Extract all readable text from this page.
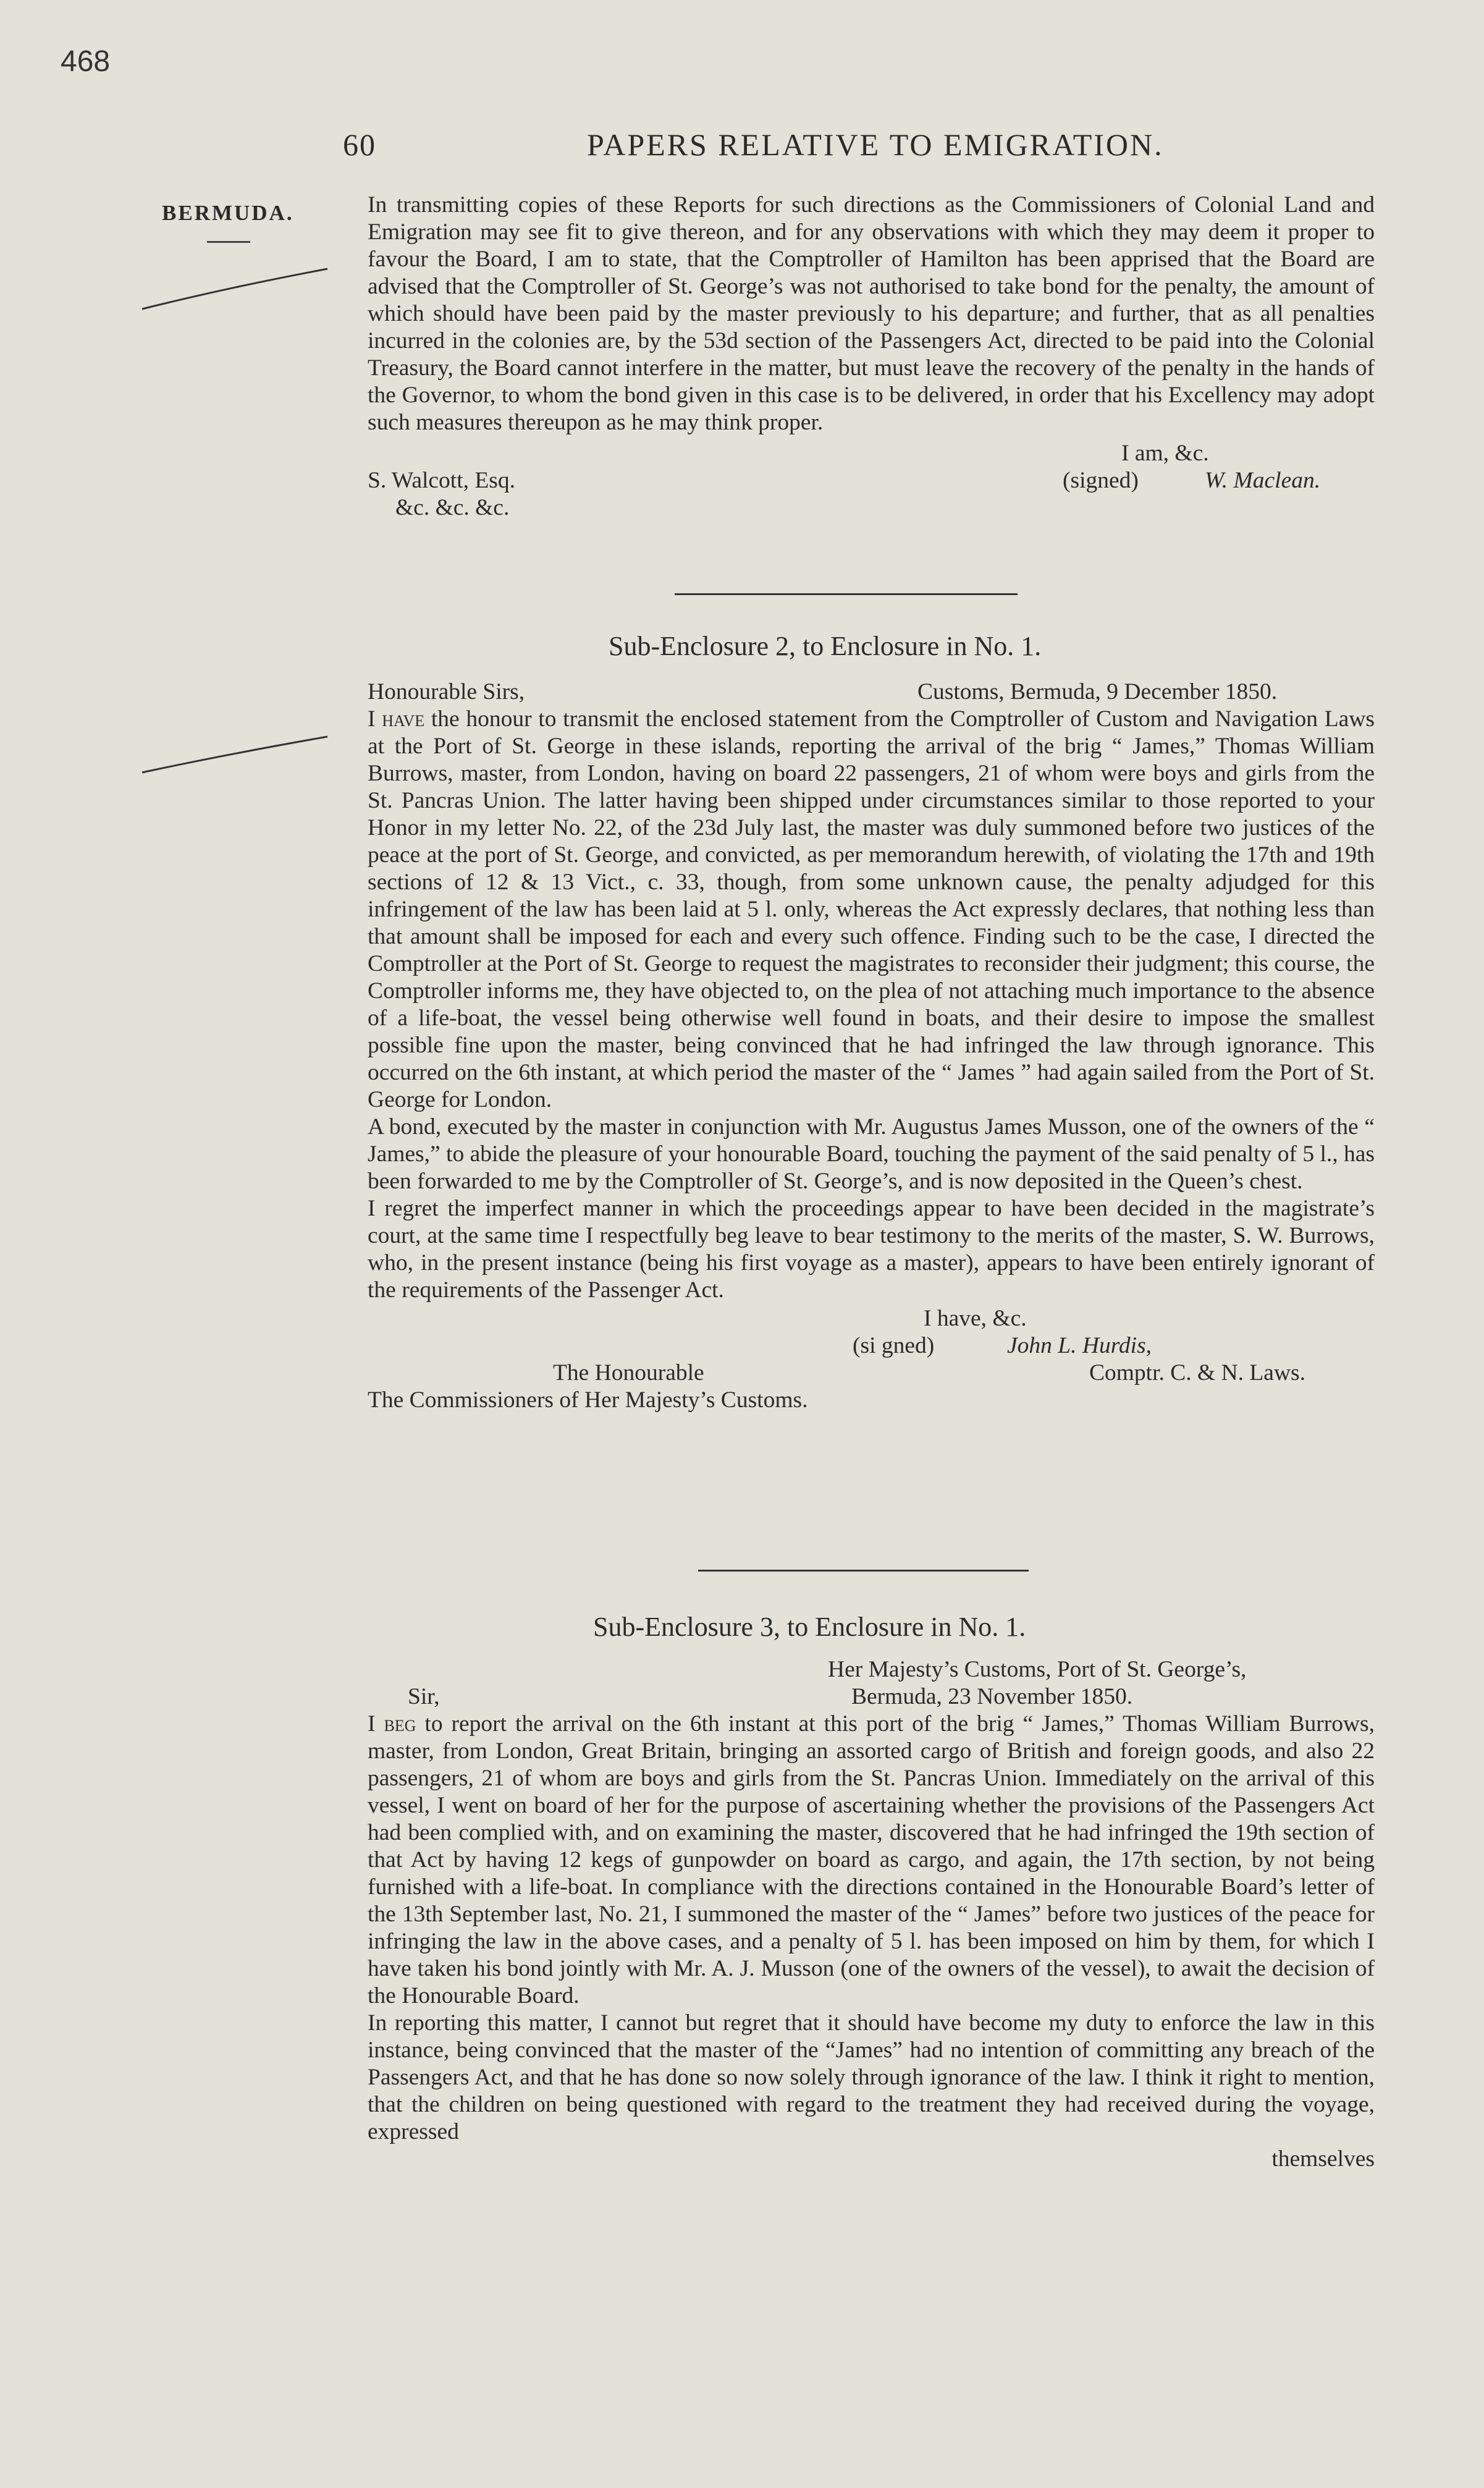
468
60	PAPERS RELATIVE TO EMIGRATION.
BERMUDA.	In transmitting copies of these Reports for such directions as the Commissioners of Colonial Land and Emigration may see fit to give thereon, and for any observations with which they may deem it proper to favour the Board, I am to state, that the Comptroller of Hamilton has been apprised that the Board are advised that the Comptroller of St. George’s was not authorised to take bond for the penalty, the amount of which should have been paid by the master previously to his departure; and further, that as all penalties incurred in the colonies are, by the 53d section of the Passengers Act, directed to be paid into the Colonial Treasury, the Board cannot interfere in the matter, but must leave the recovery of the penalty in the hands of the Governor, to whom the bond given in this case is to be delivered, in order that his Excellency may adopt such measures thereupon as he may think proper.

I am, &c.
S. Walcott, Esq.	(signed)	W. Maclean.
&c. &c. &c.
Sub-Enclosure 2, to Enclosure in No. 1.
Honourable Sirs,	Customs, Bermuda, 9 December 1850.

I have the honour to transmit the enclosed statement from the Comptroller of Custom and Navigation Laws at the Port of St. George in these islands, reporting the arrival of the brig “ James,” Thomas William Burrows, master, from London, having on board 22 passengers, 21 of whom were boys and girls from the St. Pancras Union. The latter having been shipped under circumstances similar to those reported to your Honor in my letter No. 22, of the 23d July last, the master was duly summoned before two justices of the peace at the port of St. George, and convicted, as per memorandum herewith, of violating the 17th and 19th sections of 12 & 13 Vict., c. 33, though, from some unknown cause, the penalty adjudged for this infringement of the law has been laid at 5 l. only, whereas the Act expressly declares, that nothing less than that amount shall be imposed for each and every such offence. Finding such to be the case, I directed the Comptroller at the Port of St. George to request the magistrates to reconsider their judgment; this course, the Comptroller informs me, they have objected to, on the plea of not attaching much importance to the absence of a life-boat, the vessel being otherwise well found in boats, and their desire to impose the smallest possible fine upon the master, being convinced that he had infringed the law through ignorance. This occurred on the 6th instant, at which period the master of the “ James ” had again sailed from the Port of St. George for London.

A bond, executed by the master in conjunction with Mr. Augustus James Musson, one of the owners of the “ James,” to abide the pleasure of your honourable Board, touching the payment of the said penalty of 5 l., has been forwarded to me by the Comptroller of St. George’s, and is now deposited in the Queen’s chest.

I regret the imperfect manner in which the proceedings appear to have been decided in the magistrate’s court, at the same time I respectfully beg leave to bear testimony to the merits of the master, S. W. Burrows, who, in the present instance (being his first voyage as a master), appears to have been entirely ignorant of the requirements of the Passenger Act.

I have, &c.
(si gned)	John L. Hurdis,
The Honourable	Comptr. C. & N. Laws.
The Commissioners of Her Majesty’s Customs.
Sub-Enclosure 3, to Enclosure in No. 1.
Her Majesty’s Customs, Port of St. George’s,
Sir,	Bermuda, 23 November 1850.

I beg to report the arrival on the 6th instant at this port of the brig “ James,” Thomas William Burrows, master, from London, Great Britain, bringing an assorted cargo of British and foreign goods, and also 22 passengers, 21 of whom are boys and girls from the St. Pancras Union. Immediately on the arrival of this vessel, I went on board of her for the purpose of ascertaining whether the provisions of the Passengers Act had been complied with, and on examining the master, discovered that he had infringed the 19th section of that Act by having 12 kegs of gunpowder on board as cargo, and again, the 17th section, by not being furnished with a life-boat. In compliance with the directions contained in the Honourable Board’s letter of the 13th September last, No. 21, I summoned the master of the “ James” before two justices of the peace for infringing the law in the above cases, and a penalty of 5 l. has been imposed on him by them, for which I have taken his bond jointly with Mr. A. J. Musson (one of the owners of the vessel), to await the decision of the Honourable Board.

In reporting this matter, I cannot but regret that it should have become my duty to enforce the law in this instance, being convinced that the master of the “James” had no intention of committing any breach of the Passengers Act, and that he has done so now solely through ignorance of the law. I think it right to mention, that the children on being questioned with regard to the treatment they had received during the voyage, expressed

themselves
